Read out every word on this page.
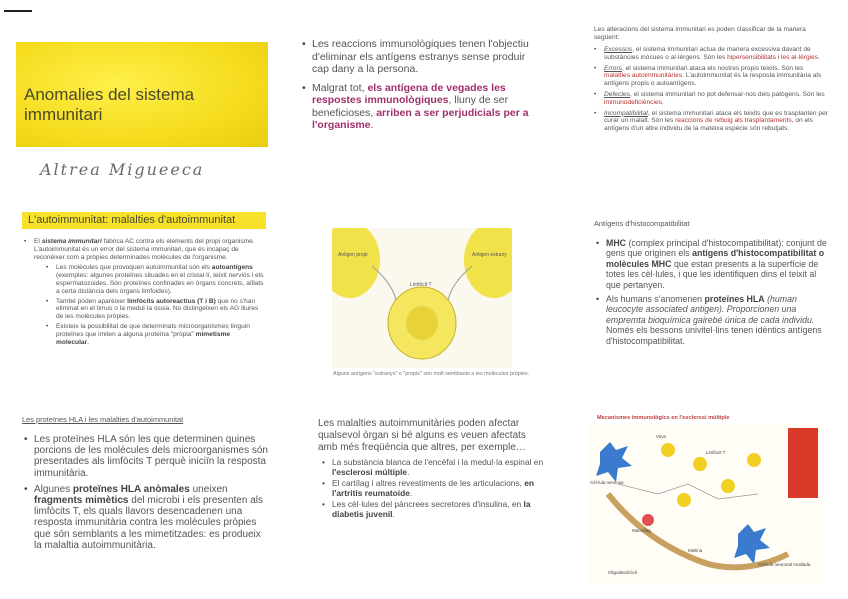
Anomalies del sistema immunitari
Altrea Migueeca
• Les reaccions immunològiques tenen l'objectiu d'eliminar els antígens estranys sense produir cap dany a la persona.
• Malgrat tot, els antígena de vegades les respostes immunològiques, lluny de ser beneficioses, arriben a ser perjudicials per a l'organisme.
Les alteracions del sistema immunitari es poden classificar de la manera següent:
• Excessos, el sistema immunitari actua de manera excessiva davant de substàncies inòcues o al·lèrgens. Són les hipersensibilitats i les al·lèrgies.
• Errors, el sistema immunitari ataca els nostres propis teixits. Són les malalties autoimmunitàries. L'autoimmunitat és la resposta immunitària als antígens propis o autoantígens.
• Defectes, el sistema immunitari no pot defensar-nos dels patògens. Són les immunodeficiències.
• Incompatibilitat, el sistema immunitari ataca els teixits que es trasplanten per curar un malalt. Són les reaccions de rebuig als trasplantaments, on els antígens d'un altre individu de la mateixa espècie són rebutjats.
L'autoimmunitat: malalties d'autoimmunitat
• El sistema immunitari fabrica AC contra els elements del propi organisme. L'autoimmunitat és un error del sistema immunitari, que és incapaç de reconèixer com a pròpies determinades molècules de l'organisme.
• Les molècules que provoquen autoimmunitat són els autoantígens (exemples: algunes proteïnes situades en el cristal·lí, teixit nerviós i els espermatozoides. Són proteïnes confinades en òrgans concrets, aïllats a certa distància dels òrgans limfoides).
• També poden aparèixer limfòcits autoreactius (T i B) que no s'han eliminat en el timus o la medul·la òssia. No distingeixen els AG lliures de les molècules pròpies.
• Existeix la possibilitat de que determinats microorganismes tinguin proteïnes que imiten a alguna proteïna "pròpia" mimetisme molecular.
Antigen propi
Limfòcit T
Antigen estrany
Alguns antígens "estranys" o "propis" són molt semblants a les molècules pròpies.
Antígens d'histocompatibilitat
• MHC (complex principal d'histocompatibilitat): conjunt de gens que originen els antígens d'histocompatibilitat o molècules MHC que estan presents a la superfície de totes les cèl·lules, i que les identifiquen dins el teixit al que pertanyen.
• Als humans s'anomenen proteïnes HLA (human leucocyte associated antigen). Proporcionen una empremta bioquímica gairebé única de cada individu. Només els bessons univitel·lins tenen idèntics antígens d'histocompatibilitat.
Les proteïnes HLA i les malalties d'autoimmunitat
• Les proteïnes HLA són les que determinen quines porcions de les molècules dels microorganismes són presentades als limfòcits T perquè iniciïn la resposta immunitària.
• Algunes proteïnes HLA anòmales uneixen fragments mimètics del microbi i els presenten als limfòcits T, els quals llavors desencadenen una resposta immunitària contra les molècules pròpies que són semblants a les mimetitzades: es produeix la malaltia autoimmunitària.
Les malalties autoimmunitàries poden afectar qualsevol òrgan si bé alguns es veuen afectats amb més freqüència que altres, per exemple…
• La substància blanca de l'encèfal i la medul·la espinal en l'esclerosi múltiple.
• El cartílag i altres revestiments de les articulacions, en l'artritis reumatoide.
• Les cèl·lules del pàncrees secretores d'insulina, en la diabetis juvenil.
Mecanismes immunològics en l'esclerosi múltiple
Virus
Limfòcit T
Macròfag
Cèl·lula nerviosa
Mielina
Cèl·lula neuronal mutilada
Oligodendròcit
